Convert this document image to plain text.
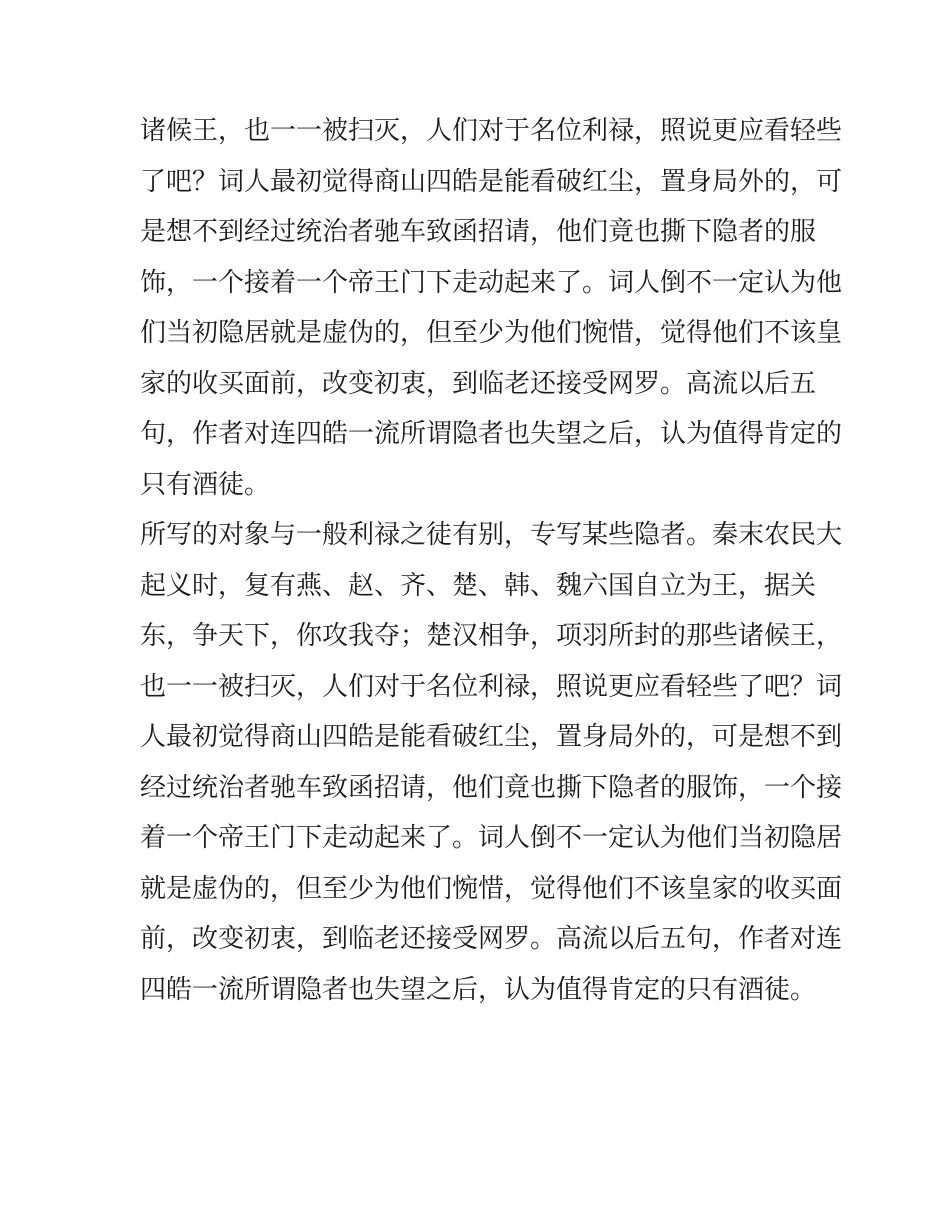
诸候王，也一一被扫灭，人们对于名位利禄，照说更应看轻些
了吧？词人最初觉得商山四皓是能看破红尘，置身局外的，可
是想不到经过统治者驰车致函招请，他们竟也撕下隐者的服
饰，一个接着一个帝王门下走动起来了。词人倒不一定认为他
们当初隐居就是虚伪的，但至少为他们惋惜，觉得他们不该皇
家的收买面前，改变初衷，到临老还接受网罗。高流以后五
句，作者对连四皓一流所谓隐者也失望之后，认为值得肯定的
只有酒徒。
所写的对象与一般利禄之徒有别，专写某些隐者。秦末农民大
起义时，复有燕、赵、齐、楚、韩、魏六国自立为王，据关
东，争天下，你攻我夺；楚汉相争，项羽所封的那些诸候王，
也一一被扫灭，人们对于名位利禄，照说更应看轻些了吧？词
人最初觉得商山四皓是能看破红尘，置身局外的，可是想不到
经过统治者驰车致函招请，他们竟也撕下隐者的服饰，一个接
着一个帝王门下走动起来了。词人倒不一定认为他们当初隐居
就是虚伪的，但至少为他们惋惜，觉得他们不该皇家的收买面
前，改变初衷，到临老还接受网罗。高流以后五句，作者对连
四皓一流所谓隐者也失望之后，认为值得肯定的只有酒徒。
